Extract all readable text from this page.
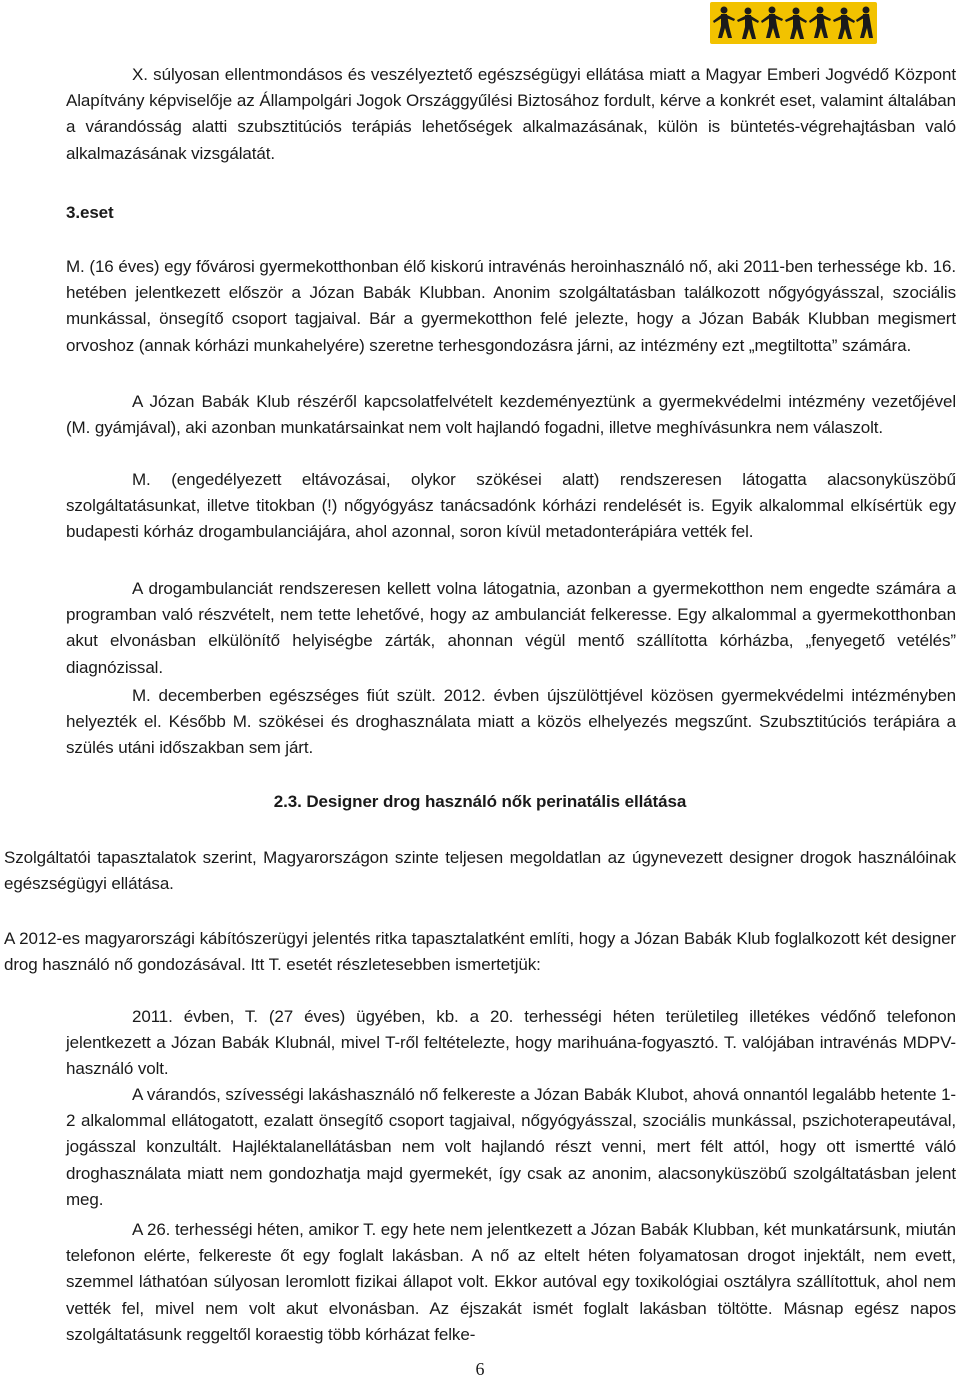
X. súlyosan ellentmondásos és veszélyeztető egészségügyi ellátása miatt a Magyar Emberi Jogvédő Központ Alapítvány képviselője az Állampolgári Jogok Országgyűlési Biztosához fordult, kérve a konkrét eset, valamint általában a várandósság alatti szubsztitúciós terápiás lehetőségek alkalmazásának, külön is büntetés-végrehajtásban való alkalmazásának vizsgálatát.

3.eset

M. (16 éves) egy fővárosi gyermekotthonban élő kiskorú intravénás heroinhasználó nő, aki 2011-ben terhessége kb. 16. hetében jelentkezett először a Józan Babák Klubban. Anonim szolgáltatásban találkozott nőgyógyásszal, szociális munkással, önsegítő csoport tagjaival. Bár a gyermekotthon felé jelezte, hogy a Józan Babák Klubban megismert orvoshoz (annak kórházi munkahelyére) szeretne terhesgondozásra járni, az intézmény ezt „megtiltotta” számára.

A Józan Babák Klub részéről kapcsolatfelvételt kezdeményeztünk a gyermekvédelmi intézmény vezetőjével (M. gyámjával), aki azonban munkatársainkat nem volt hajlandó fogadni, illetve meghívásunkra nem válaszolt.

M. (engedélyezett eltávozásai, olykor szökései alatt) rendszeresen látogatta alacsonyküszöbű szolgáltatásunkat, illetve titokban (!) nőgyógyász tanácsadónk kórházi rendelését is. Egyik alkalommal elkísértük egy budapesti kórház drogambulanciájára, ahol azonnal, soron kívül metadonterápiára vették fel.

A drogambulanciát rendszeresen kellett volna látogatnia, azonban a gyermekotthon nem engedte számára a programban való részvételt, nem tette lehetővé, hogy az ambulanciát felkeresse. Egy alkalommal a gyermekotthonban akut elvonásban elkülönítő helyiségbe zárták, ahonnan végül mentő szállította kórházba, „fenyegető vetélés” diagnózissal.

M. decemberben egészséges fiút szült. 2012. évben újszülöttjével közösen gyermekvédelmi intézményben helyezték el. Később M. szökései és droghasználata miatt a közös elhelyezés megszűnt. Szubsztitúciós terápiára a szülés utáni időszakban sem járt.

2.3. Designer drog használó nők perinatális ellátása

Szolgáltatói tapasztalatok szerint, Magyarországon szinte teljesen megoldatlan az úgynevezett designer drogok használóinak egészségügyi ellátása.

A 2012-es magyarországi kábítószerügyi jelentés ritka tapasztalatként említi, hogy a Józan Babák Klub foglalkozott két designer drog használó nő gondozásával. Itt T. esetét részletesebben ismertetjük:

2011. évben, T. (27 éves) ügyében, kb. a 20. terhességi héten területileg illetékes védőnő telefonon jelentkezett a Józan Babák Klubnál, mivel T-ről feltételezte, hogy marihuána-fogyasztó. T. valójában intravénás MDPV-használó volt.

A várandós, szívességi lakáshasználó nő felkereste a Józan Babák Klubot, ahová onnantól legalább hetente 1-2 alkalommal ellátogatott, ezalatt önsegítő csoport tagjaival, nőgyógyásszal, szociális munkással, pszichoterapeutával, jogásszal konzultált. Hajléktalanellátásban nem volt hajlandó részt venni, mert félt attól, hogy ott ismertté váló droghasználata miatt nem gondozhatja majd gyermekét, így csak az anonim, alacsonyküszöbű szolgáltatásban jelent meg.

A 26. terhességi héten, amikor T. egy hete nem jelentkezett a Józan Babák Klubban, két munkatársunk, miután telefonon elérte, felkereste őt egy foglalt lakásban. A nő az eltelt héten folyamatosan drogot injektált, nem evett, szemmel láthatóan súlyosan leromlott fizikai állapot volt. Ekkor autóval egy toxikológiai osztályra szállítottuk, ahol nem vették fel, mivel nem volt akut elvonásban. Az éjszakát ismét foglalt lakásban töltötte. Másnap egész napos szolgáltatásunk reggeltől koraestig több kórházat felke-

6
